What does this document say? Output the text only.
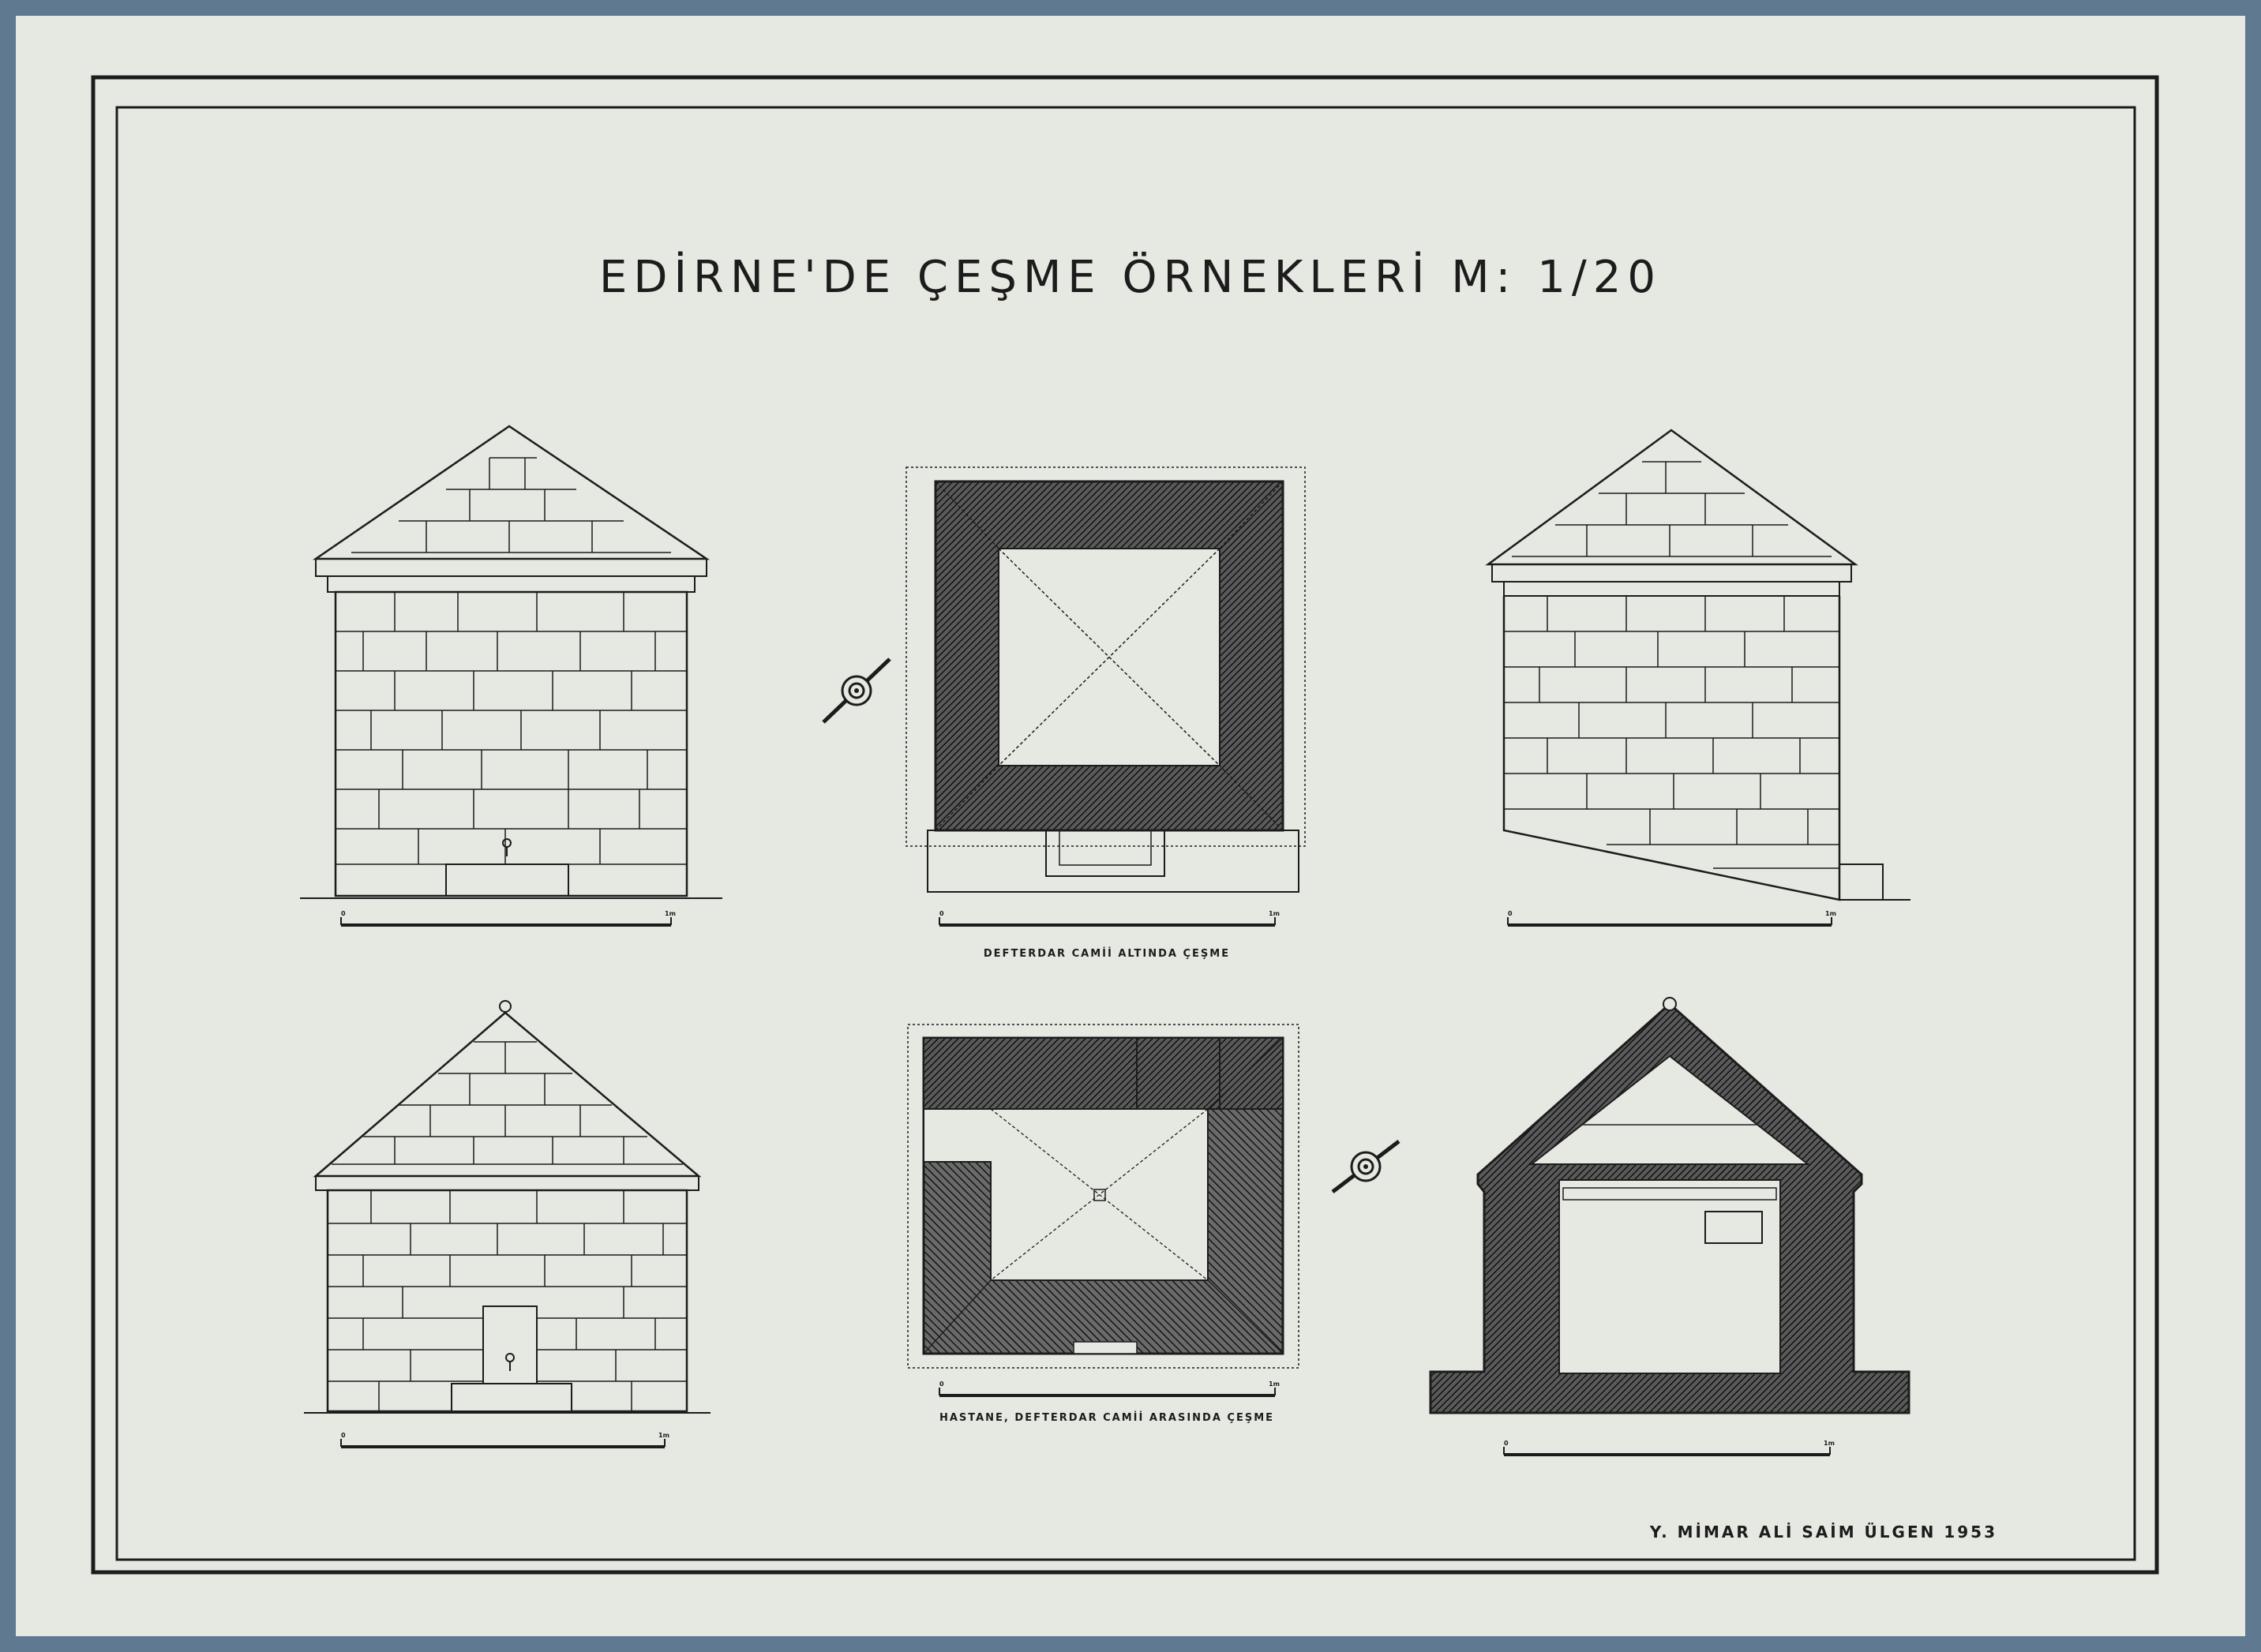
EDİRNE'DE ÇEŞME ÖRNEKLERİ M: 1/20
0	1m	0	1m
DEFTERDAR CAMİİ ALTINDA ÇEŞME
0	1m
0	1m
0	1m
HASTANE, DEFTERDAR CAMİİ ARASINDA ÇEŞME
0	1m
Y. MİMAR ALİ SAİM ÜLGEN 1953
